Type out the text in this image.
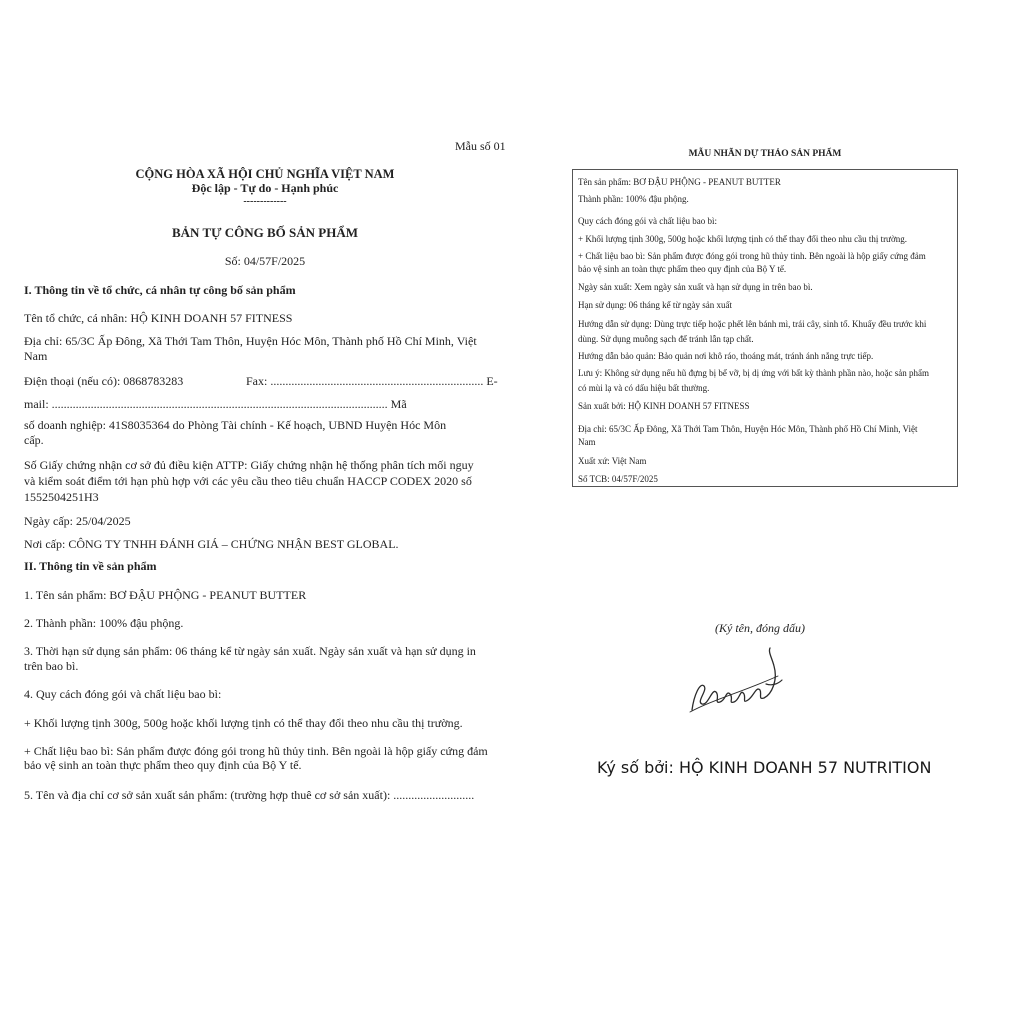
Mẫu số 01
CỘNG HÒA XÃ HỘI CHỦ NGHĨA VIỆT NAM
Độc lập - Tự do - Hạnh phúc
-------------
BẢN TỰ CÔNG BỐ SẢN PHẨM
Số: 04/57F/2025
I. Thông tin về tổ chức, cá nhân tự công bố sản phẩm
Tên tổ chức, cá nhân: HỘ KINH DOANH 57 FITNESS
Địa chỉ: 65/3C Ấp Đông, Xã Thới Tam Thôn, Huyện Hóc Môn, Thành phố Hồ Chí Minh, Việt
Nam
Điện thoại (nếu có): 0868783283	Fax: ....................................................................... E-
mail: ................................................................................................................ Mã
số doanh nghiệp: 41S8035364 do Phòng Tài chính - Kế hoạch, UBND Huyện Hóc Môn
cấp.
Số Giấy chứng nhận cơ sở đủ điều kiện ATTP: Giấy chứng nhận hệ thống phân tích mối nguy
và kiểm soát điểm tới hạn phù hợp với các yêu cầu theo tiêu chuẩn HACCP CODEX 2020 số
1552504251H3
Ngày cấp: 25/04/2025
Nơi cấp: CÔNG TY TNHH ĐÁNH GIÁ – CHỨNG NHẬN BEST GLOBAL.
II. Thông tin về sản phẩm
1. Tên sản phẩm: BƠ ĐẬU PHỘNG - PEANUT BUTTER
2. Thành phần: 100% đậu phộng.
3. Thời hạn sử dụng sản phẩm: 06 tháng kể từ ngày sản xuất. Ngày sản xuất và hạn sử dụng in
trên bao bì.
4. Quy cách đóng gói và chất liệu bao bì:
+ Khối lượng tịnh 300g, 500g hoặc khối lượng tịnh có thể thay đổi theo nhu cầu thị trường.
+ Chất liệu bao bì: Sản phẩm được đóng gói trong hũ thủy tinh. Bên ngoài là hộp giấy cứng đảm
bảo vệ sinh an toàn thực phẩm theo quy định của Bộ Y tế.
5. Tên và địa chỉ cơ sở sản xuất sản phẩm: (trường hợp thuê cơ sở sản xuất): ...........................
MẪU NHÃN DỰ THẢO SẢN PHẨM
Tên sản phẩm: BƠ ĐẬU PHỘNG - PEANUT BUTTER
Thành phần: 100% đậu phộng.
Quy cách đóng gói và chất liệu bao bì:
+ Khối lượng tịnh 300g, 500g hoặc khối lượng tịnh có thể thay đổi theo nhu cầu thị trường.
+ Chất liệu bao bì: Sản phẩm được đóng gói trong hũ thủy tinh. Bên ngoài là hộp giấy cứng đảm
bảo vệ sinh an toàn thực phẩm theo quy định của Bộ Y tế.
Ngày sản xuất: Xem ngày sản xuất và hạn sử dụng in trên bao bì.
Hạn sử dụng: 06 tháng kể từ ngày sản xuất
Hướng dẫn sử dụng: Dùng trực tiếp hoặc phết lên bánh mì, trái cây, sinh tố. Khuấy đều trước khi
dùng. Sử dụng muỗng sạch để tránh lẫn tạp chất.
Hướng dẫn bảo quản: Bảo quản nơi khô ráo, thoáng mát, tránh ánh nắng trực tiếp.
Lưu ý: Không sử dụng nếu hũ đựng bị bể vỡ, bị dị ứng với bất kỳ thành phần nào, hoặc sản phẩm
có mùi lạ và có dấu hiệu bất thường.
Sản xuất bởi: HỘ KINH DOANH 57 FITNESS
Địa chỉ: 65/3C Ấp Đông, Xã Thới Tam Thôn, Huyện Hóc Môn, Thành phố Hồ Chí Minh, Việt
Nam
Xuất xứ: Việt Nam
Số TCB: 04/57F/2025
(Ký tên, đóng dấu)
Ký số bởi: HỘ KINH DOANH 57 NUTRITION
